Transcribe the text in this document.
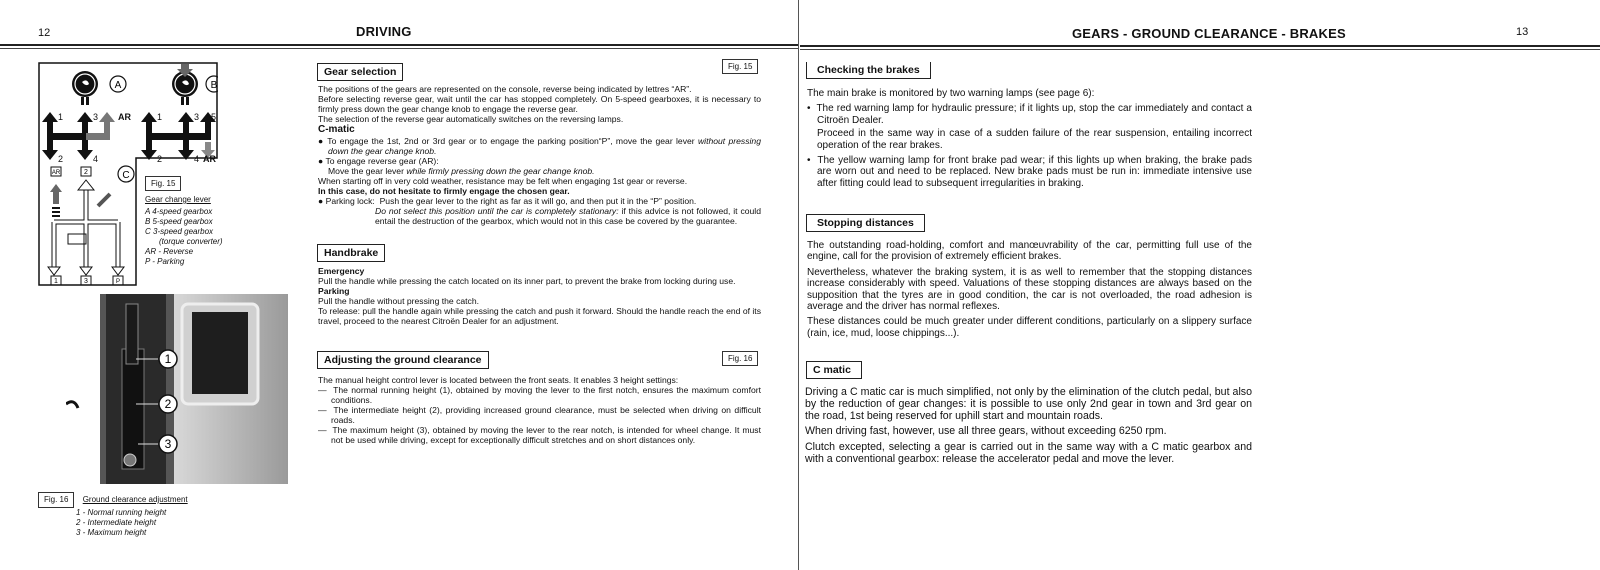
12	DRIVING
A	B
1	3 AR
2	4
1	3 5
2	4 AR
C
AR	2
1	3	P
Fig. 15
Gear change lever
A 4-speed gearbox
B 5-speed gearbox
C 3-speed gearbox
(torque converter)
AR - Reverse
P - Parking
1
2
3
Fig. 16 Ground clearance adjustment
1 - Normal running height
2 - Intermediate height
3 - Maximum height
Gear selection	Fig. 15

The positions of the gears are represented on the console, reverse being indicated by lettres “AR”.

Before selecting reverse gear, wait until the car has stopped completely. On 5-speed gearboxes, it is necessary to firmly press down the gear change knob to engage the reverse gear.

The selection of the reverse gear automatically switches on the reversing lamps.

C-matic

● To engage the 1st, 2nd or 3rd gear or to engage the parking position“P”, move the gear lever without pressing down the gear change knob.

● To engage reverse gear (AR):

Move the gear lever while firmly pressing down the gear change knob.

When starting off in very cold weather, resistance may be felt when engaging 1st gear or reverse.

In this case, do not hesitate to firmly engage the chosen gear.

● Parking lock: Push the gear lever to the right as far as it will go, and then put it in the “P” position.

Do not select this position until the car is completely stationary: if this advice is not followed, it could entail the destruction of the gearbox, which would not in this case be covered by the guarantee.

Handbrake
Emergency

Pull the handle while pressing the catch located on its inner part, to prevent the brake from locking during use.

Parking

Pull the handle without pressing the catch.

To release: pull the handle again while pressing the catch and push it forward. Should the handle reach the end of its travel, proceed to the nearest Citroën Dealer for an adjustment.

Adjusting the ground clearance	Fig. 16

The manual height control lever is located between the front seats. It enables 3 height settings:

—  The normal running height (1), obtained by moving the lever to the first notch, ensures the maximum comfort conditions.

—  The intermediate height (2), providing increased ground clearance, must be selected when driving on difficult roads.

—  The maximum height (3), obtained by moving the lever to the rear notch, is intended for wheel change. It must not be used while driving, except for exceptionally difficult stretches and on short distances only.

GEARS - GROUND CLEARANCE - BRAKES	13
Checking the brakes

The main brake is monitored by two warning lamps (see page 6):

•  The red warning lamp for hydraulic pressure; if it lights up, stop the car immediately and contact a Citroën Dealer.

Proceed in the same way in case of a sudden failure of the rear suspension, entailing incorrect operation of the rear brakes.

•  The yellow warning lamp for front brake pad wear; if this lights up when braking, the brake pads are worn out and need to be replaced. New brake pads must be run in: immediate intensive use after fitting could lead to subsequent irregularities in braking.

Stopping distances

The outstanding road-holding, comfort and manœuvrability of the car, permitting full use of the engine, call for the provision of extremely efficient brakes.

Nevertheless, whatever the braking system, it is as well to remember that the stopping distances increase considerably with speed. Valuations of these stopping distances are always based on the supposition that the tyres are in good condition, the car is not overloaded, the road adhesion is average and the driver has normal reflexes.

These distances could be much greater under different conditions, particularly on a slippery surface (rain, ice, mud, loose chippings...).

C matic

Driving a C matic car is much simplified, not only by the elimination of the clutch pedal, but also by the reduction of gear changes: it is possible to use only 2nd gear in town and 3rd gear on the road, 1st being reserved for uphill start and mountain roads.

When driving fast, however, use all three gears, without exceeding 6250 rpm.

Clutch excepted, selecting a gear is carried out in the same way with a C matic gearbox and with a conventional gearbox: release the accelerator pedal and move the lever.
